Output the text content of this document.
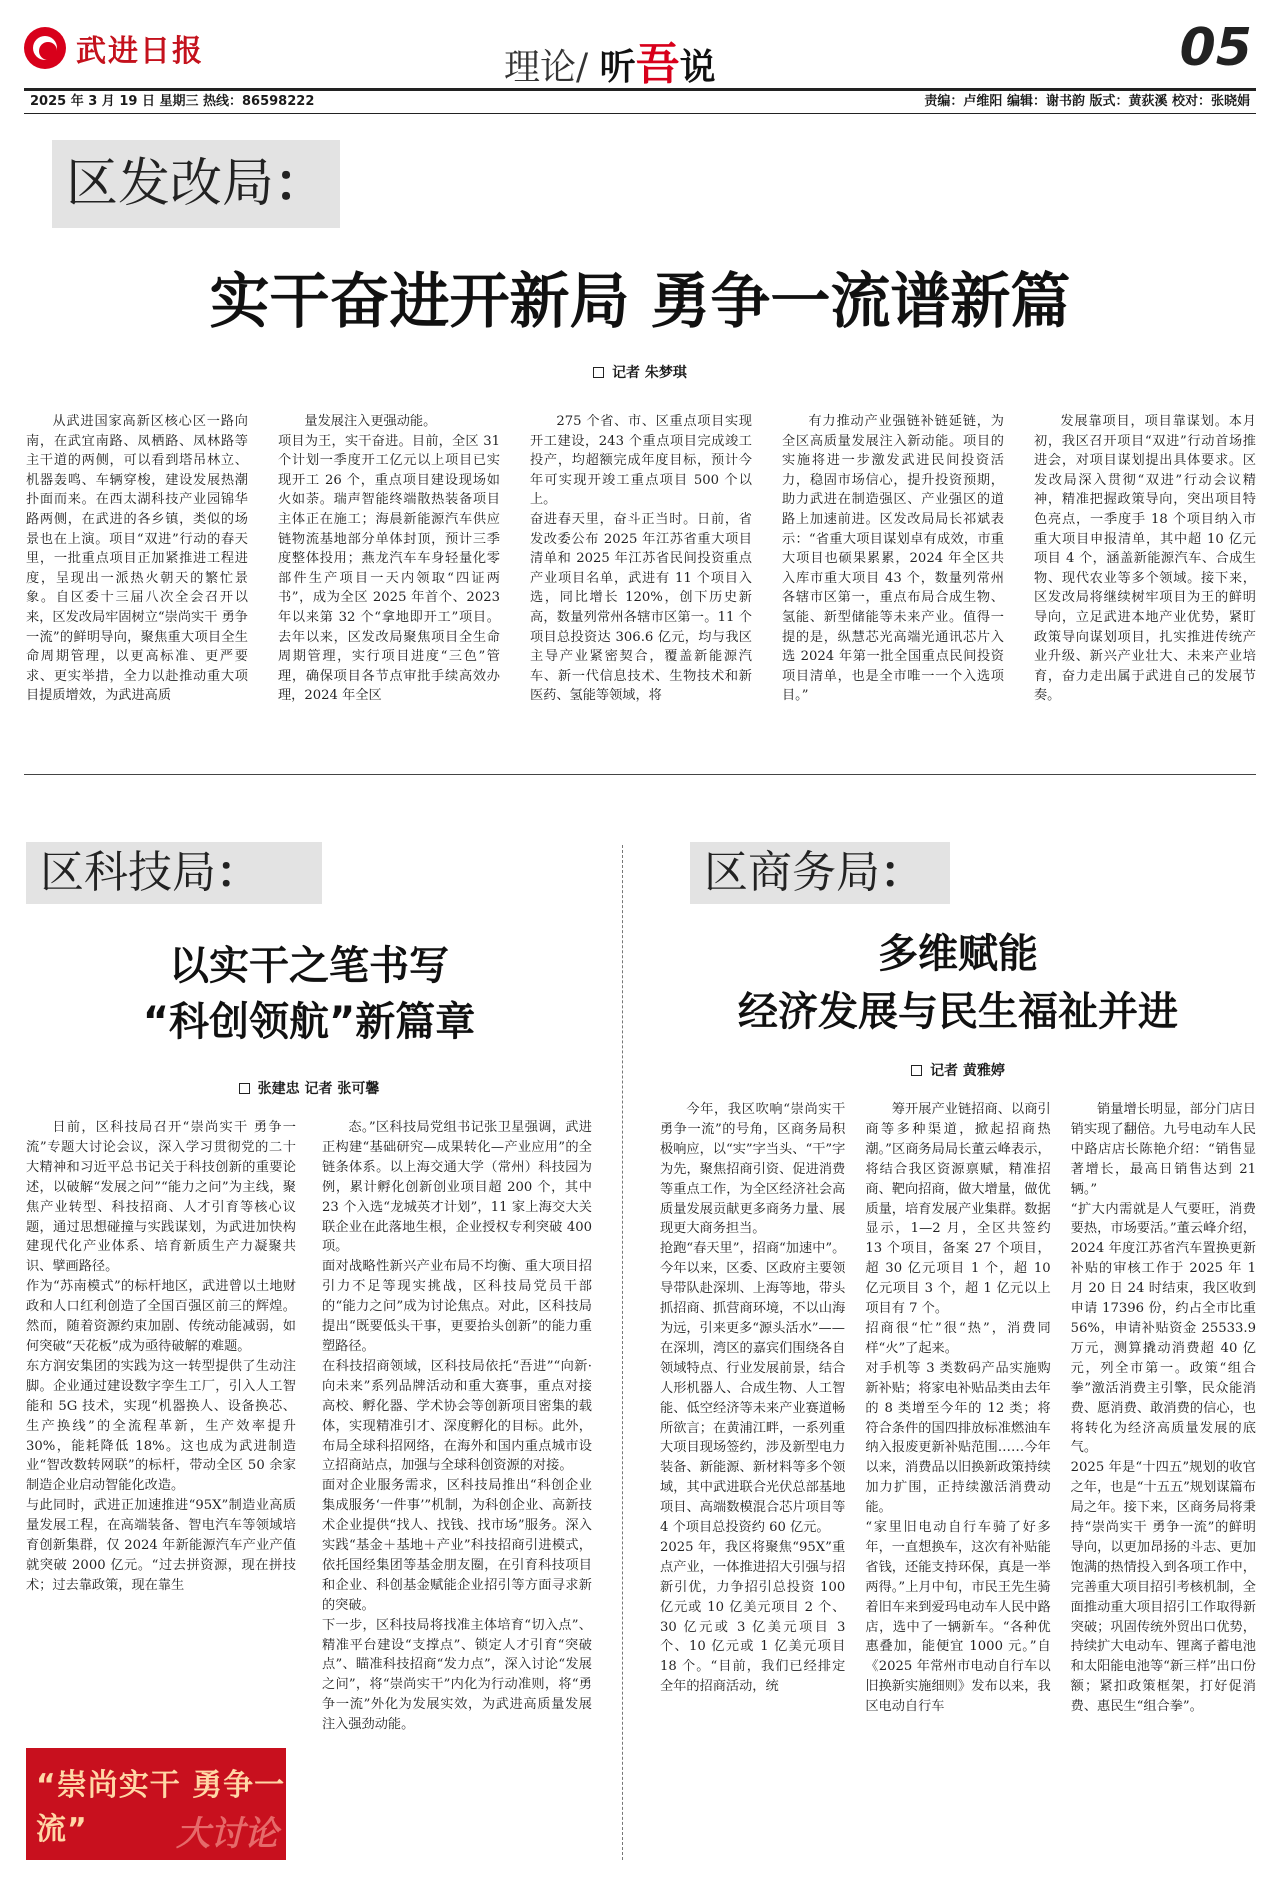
武进日报	理论/ 听吾说	05
2025 年 3 月 19 日 星期三 热线：86598222	责编：卢维阳 编辑：谢书韵 版式：黄荻溪 校对：张晓娟
区发改局：
实干奋进开新局 勇争一流谱新篇
记者 朱梦琪

从武进国家高新区核心区一路向南，在武宜南路、凤栖路、凤林路等主干道的两侧，可以看到塔吊林立、机器轰鸣、车辆穿梭，建设发展热潮扑面而来。在西太湖科技产业园锦华路两侧，在武进的各乡镇，类似的场景也在上演。项目“双进”行动的春天里，一批重点项目正加紧推进工程进度，呈现出一派热火朝天的繁忙景象。自区委十三届八次全会召开以来，区发改局牢固树立“崇尚实干 勇争一流”的鲜明导向，聚焦重大项目全生命周期管理，以更高标准、更严要求、更实举措，全力以赴推动重大项目提质增效，为武进高质

量发展注入更强动能。
项目为王，实干奋进。目前，全区 31 个计划一季度开工亿元以上项目已实现开工 26 个，重点项目建设现场如火如荼。瑞声智能终端散热装备项目主体正在施工；海晨新能源汽车供应链物流基地部分单体封顶，预计三季度整体投用；燕龙汽车车身轻量化零部件生产项目一天内领取“四证两书”，成为全区 2025 年首个、2023 年以来第 32 个“拿地即开工”项目。去年以来，区发改局聚焦项目全生命周期管理，实行项目进度“三色”管理，确保项目各节点审批手续高效办理，2024 年全区

275 个省、市、区重点项目实现开工建设，243 个重点项目完成竣工投产，均超额完成年度目标，预计今年可实现开竣工重点项目 500 个以上。
奋进春天里，奋斗正当时。日前，省发改委公布 2025 年江苏省重大项目清单和 2025 年江苏省民间投资重点产业项目名单，武进有 11 个项目入选，同比增长 120%，创下历史新高，数量列常州各辖市区第一。11 个项目总投资达 306.6 亿元，均与我区主导产业紧密契合，覆盖新能源汽车、新一代信息技术、生物技术和新医药、氢能等领域，将

有力推动产业强链补链延链，为全区高质量发展注入新动能。项目的实施将进一步激发武进民间投资活力，稳固市场信心，提升投资预期，助力武进在制造强区、产业强区的道路上加速前进。区发改局局长祁斌表示：“省重大项目谋划卓有成效，市重大项目也硕果累累，2024 年全区共入库市重大项目 43 个，数量列常州各辖市区第一，重点布局合成生物、氢能、新型储能等未来产业。值得一提的是，纵慧芯光高端光通讯芯片入选 2024 年第一批全国重点民间投资项目清单，也是全市唯一一个入选项目。”

发展靠项目，项目靠谋划。本月初，我区召开项目“双进”行动首场推进会，对项目谋划提出具体要求。区发改局深入贯彻“双进”行动会议精神，精准把握政策导向，突出项目特色亮点，一季度手 18 个项目纳入市重大项目申报清单，其中超 10 亿元项目 4 个，涵盖新能源汽车、合成生物、现代农业等多个领域。接下来，区发改局将继续树牢项目为王的鲜明导向，立足武进本地产业优势，紧盯政策导向谋划项目，扎实推进传统产业升级、新兴产业壮大、未来产业培育，奋力走出属于武进自己的发展节奏。

区科技局：
以实干之笔书写
“科创领航”新篇章
张建忠 记者 张可馨

日前，区科技局召开“崇尚实干 勇争一流”专题大讨论会议，深入学习贯彻党的二十大精神和习近平总书记关于科技创新的重要论述，以破解“发展之问”“能力之问”为主线，聚焦产业转型、科技招商、人才引育等核心议题，通过思想碰撞与实践谋划，为武进加快构建现代化产业体系、培育新质生产力凝聚共识、擘画路径。
作为“苏南模式”的标杆地区，武进曾以土地财政和人口红利创造了全国百强区前三的辉煌。然而，随着资源约束加剧、传统动能减弱，如何突破“天花板”成为亟待破解的难题。
东方润安集团的实践为这一转型提供了生动注脚。企业通过建设数字孪生工厂，引入人工智能和 5G 技术，实现“机器换人、设备换芯、生产换线”的全流程革新，生产效率提升 30%，能耗降低 18%。这也成为武进制造业“智改数转网联”的标杆，带动全区 50 余家制造企业启动智能化改造。
与此同时，武进正加速推进“95X”制造业高质量发展工程，在高端装备、智电汽车等领域培育创新集群，仅 2024 年新能源汽车产业产值就突破 2000 亿元。“过去拼资源，现在拼技术；过去靠政策，现在靠生

态。”区科技局党组书记张卫星强调，武进正构建“基础研究—成果转化—产业应用”的全链条体系。以上海交通大学（常州）科技园为例，累计孵化创新创业项目超 200 个，其中 23 个入选“龙城英才计划”，11 家上海交大关联企业在此落地生根，企业授权专利突破 400 项。
面对战略性新兴产业布局不均衡、重大项目招引力不足等现实挑战，区科技局党员干部的“能力之问”成为讨论焦点。对此，区科技局提出“既要低头干事，更要抬头创新”的能力重塑路径。
在科技招商领域，区科技局依托“吾进”“向新·向未来”系列品牌活动和重大赛事，重点对接高校、孵化器、学术协会等创新项目密集的载体，实现精准引才、深度孵化的目标。此外，布局全球科招网络，在海外和国内重点城市设立招商站点，加强与全球科创资源的对接。
面对企业服务需求，区科技局推出“科创企业集成服务‘一件事’”机制，为科创企业、高新技术企业提供“找人、找钱、找市场”服务。深入实践“基金＋基地＋产业”科技招商引进模式，依托国经集团等基金朋友圈，在引育科技项目和企业、科创基金赋能企业招引等方面寻求新的突破。
下一步，区科技局将找准主体培育“切入点”、精准平台建设“支撑点”、锁定人才引育“突破点”、瞄准科技招商“发力点”，深入讨论“发展之问”，将“崇尚实干”内化为行动准则，将“勇争一流”外化为发展实效，为武进高质量发展注入强劲动能。

“崇尚实干 勇争一流”	大讨论
区商务局：
多维赋能
经济发展与民生福祉并进
记者 黄雅婷

今年，我区吹响“崇尚实干 勇争一流”的号角，区商务局积极响应，以“实”字当头、“干”字为先，聚焦招商引资、促进消费等重点工作，为全区经济社会高质量发展贡献更多商务力量、展现更大商务担当。
抢跑“春天里”，招商“加速中”。今年以来，区委、区政府主要领导带队赴深圳、上海等地，带头抓招商、抓营商环境，不以山海为远，引来更多“源头活水”——
在深圳，湾区的嘉宾们围绕各自领域特点、行业发展前景，结合人形机器人、合成生物、人工智能、低空经济等未来产业赛道畅所欲言；在黄浦江畔，一系列重大项目现场签约，涉及新型电力装备、新能源、新材料等多个领域，其中武进联合光伏总部基地项目、高端数模混合芯片项目等 4 个项目总投资约 60 亿元。
2025 年，我区将聚焦“95X”重点产业，一体推进招大引强与招新引优，力争招引总投资 100 亿元或 10 亿美元项目 2 个、30 亿元或 3 亿美元项目 3 个、10 亿元或 1 亿美元项目 18 个。“目前，我们已经排定全年的招商活动，统

筹开展产业链招商、以商引商等多种渠道，掀起招商热潮。”区商务局局长董云峰表示，将结合我区资源禀赋，精准招商、靶向招商，做大增量，做优质量，培育发展产业集群。数据显示，1—2 月，全区共签约 13 个项目，备案 27 个项目，超 30 亿元项目 1 个，超 10 亿元项目 3 个，超 1 亿元以上项目有 7 个。
招商很“忙”很“热”，消费同样“火”了起来。
对手机等 3 类数码产品实施购新补贴；将家电补贴品类由去年的 8 类增至今年的 12 类；将符合条件的国四排放标准燃油车纳入报废更新补贴范围……今年以来，消费品以旧换新政策持续加力扩围，正持续激活消费动能。
“家里旧电动自行车骑了好多年，一直想换车，这次有补贴能省钱，还能支持环保，真是一举两得。”上月中旬，市民王先生骑着旧车来到爱玛电动车人民中路店，选中了一辆新车。“各种优惠叠加，能便宜 1000 元。”自《2025 年常州市电动自行车以旧换新实施细则》发布以来，我区电动自行车

销量增长明显，部分门店日销实现了翻倍。九号电动车人民中路店店长陈艳介绍：“销售显著增长，最高日销售达到 21 辆。”
“扩大内需就是人气要旺，消费要热，市场要活。”董云峰介绍，2024 年度江苏省汽车置换更新补贴的审核工作于 2025 年 1 月 20 日 24 时结束，我区收到申请 17396 份，约占全市比重 56%，申请补贴资金 25533.9 万元，测算撬动消费超 40 亿元，列全市第一。政策“组合拳”激活消费主引擎，民众能消费、愿消费、敢消费的信心，也将转化为经济高质量发展的底气。
2025 年是“十四五”规划的收官之年，也是“十五五”规划谋篇布局之年。接下来，区商务局将秉持“崇尚实干 勇争一流”的鲜明导向，以更加昂扬的斗志、更加饱满的热情投入到各项工作中，完善重大项目招引考核机制，全面推动重大项目招引工作取得新突破；巩固传统外贸出口优势，持续扩大电动车、锂离子蓄电池和太阳能电池等“新三样”出口份额；紧扣政策框架，打好促消费、惠民生“组合拳”。
